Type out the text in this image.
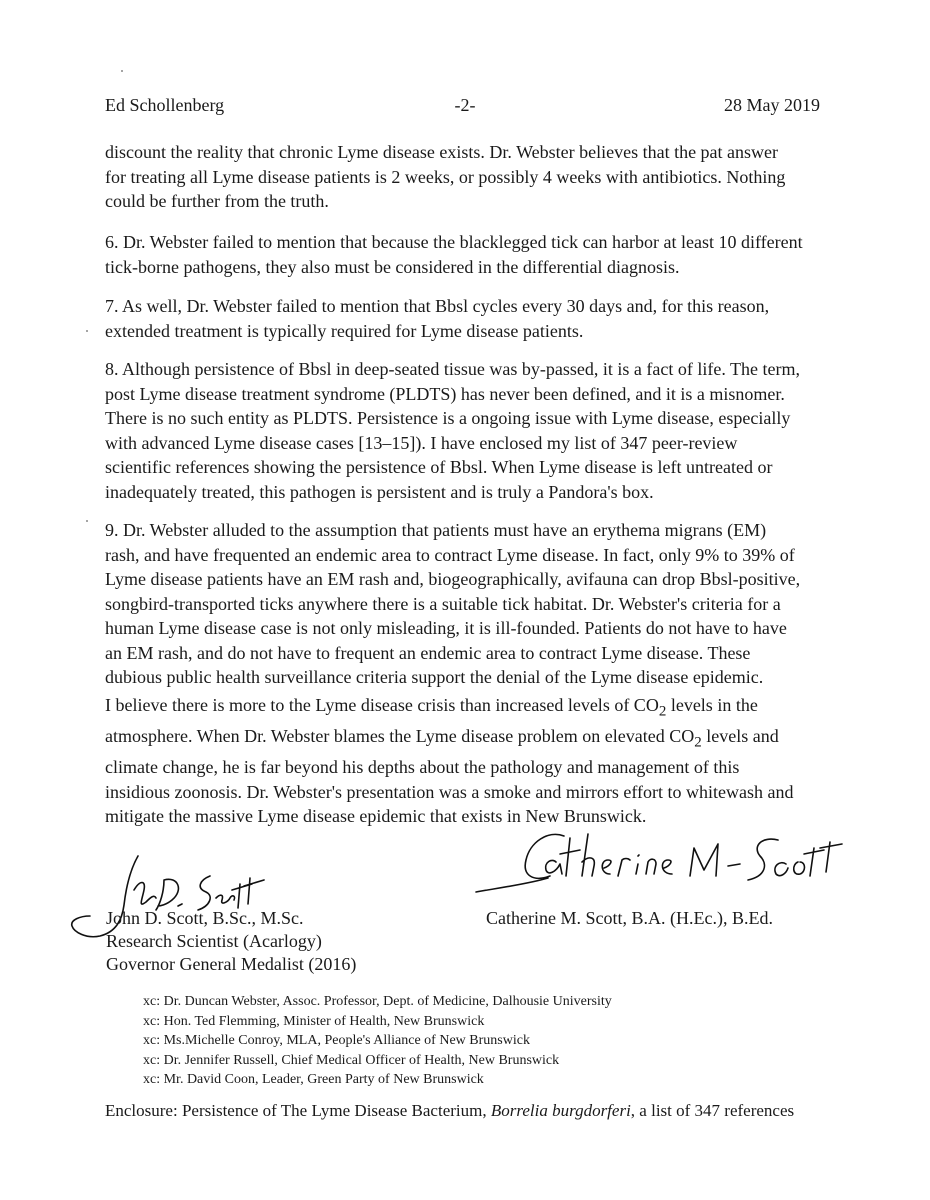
Ed Schollenberg	-2-	28 May 2019
discount the reality that chronic Lyme disease exists. Dr. Webster believes that the pat answer
for treating all Lyme disease patients is 2 weeks, or possibly 4 weeks with antibiotics. Nothing
could be further from the truth.
6. Dr. Webster failed to mention that because the blacklegged tick can harbor at least 10 different
tick-borne pathogens, they also must be considered in the differential diagnosis.
7. As well, Dr. Webster failed to mention that Bbsl cycles every 30 days and, for this reason,
extended treatment is typically required for Lyme disease patients.
8. Although persistence of Bbsl in deep-seated tissue was by-passed, it is a fact of life. The term,
post Lyme disease treatment syndrome (PLDTS) has never been defined, and it is a misnomer.
There is no such entity as PLDTS. Persistence is a ongoing issue with Lyme disease, especially
with advanced Lyme disease cases [13–15]). I have enclosed my list of 347 peer-review
scientific references showing the persistence of Bbsl. When Lyme disease is left untreated or
inadequately treated, this pathogen is persistent and is truly a Pandora's box.
9. Dr. Webster alluded to the assumption that patients must have an erythema migrans (EM)
rash, and have frequented an endemic area to contract Lyme disease. In fact, only 9% to 39% of
Lyme disease patients have an EM rash and, biogeographically, avifauna can drop Bbsl-positive,
songbird-transported ticks anywhere there is a suitable tick habitat. Dr. Webster's criteria for a
human Lyme disease case is not only misleading, it is ill-founded. Patients do not have to have
an EM rash, and do not have to frequent an endemic area to contract Lyme disease. These
dubious public health surveillance criteria support the denial of the Lyme disease epidemic.
I believe there is more to the Lyme disease crisis than increased levels of $CO_2$ levels in the
atmosphere. When Dr. Webster blames the Lyme disease problem on elevated $CO_2$ levels and
climate change, he is far beyond his depths about the pathology and management of this
insidious zoonosis. Dr. Webster's presentation was a smoke and mirrors effort to whitewash and
mitigate the massive Lyme disease epidemic that exists in New Brunswick.
John D. Scott, B.Sc., M.Sc.
Research Scientist (Acarlogy)
Governor General Medalist (2016)
Catherine M. Scott, B.A. (H.Ec.), B.Ed.
xc: Dr. Duncan Webster, Assoc. Professor, Dept. of Medicine, Dalhousie University
xc: Hon. Ted Flemming, Minister of Health, New Brunswick
xc: Ms.Michelle Conroy, MLA, People's Alliance of New Brunswick
xc: Dr. Jennifer Russell, Chief Medical Officer of Health, New Brunswick
xc: Mr. David Coon, Leader, Green Party of New Brunswick
Enclosure: Persistence of The Lyme Disease Bacterium, Borrelia burgdorferi, a list of 347 references
